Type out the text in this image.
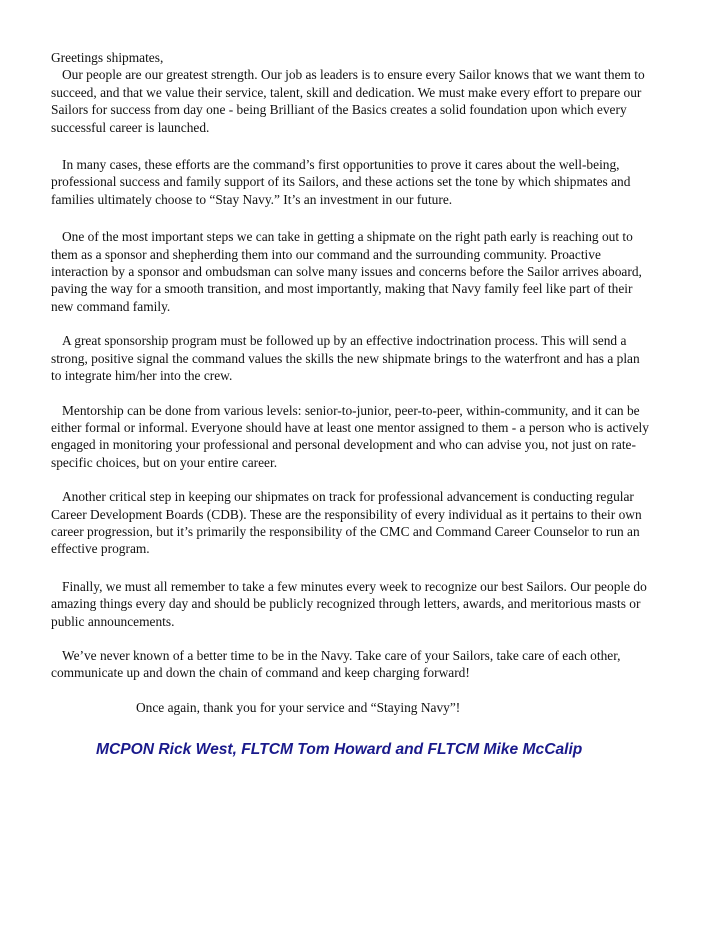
Greetings shipmates,

Our people are our greatest strength. Our job as leaders is to ensure every Sailor knows that we want them to succeed, and that we value their service, talent, skill and dedication. We must make every effort to prepare our Sailors for success from day one - being Brilliant of the Basics creates a solid foundation upon which every successful career is launched.

In many cases, these efforts are the command’s first opportunities to prove it cares about the well-being, professional success and family support of its Sailors, and these actions set the tone by which shipmates and families ultimately choose to “Stay Navy.” It’s an investment in our future.

One of the most important steps we can take in getting a shipmate on the right path early is reaching out to them as a sponsor and shepherding them into our command and the surrounding community. Proactive interaction by a sponsor and ombudsman can solve many issues and concerns before the Sailor arrives aboard, paving the way for a smooth transition, and most importantly, making that Navy family feel like part of their new command family.

A great sponsorship program must be followed up by an effective indoctrination process. This will send a strong, positive signal the command values the skills the new shipmate brings to the waterfront and has a plan to integrate him/her into the crew.

Mentorship can be done from various levels: senior-to-junior, peer-to-peer, within-community, and it can be either formal or informal. Everyone should have at least one mentor assigned to them - a person who is actively engaged in monitoring your professional and personal development and who can advise you, not just on rate-specific choices, but on your entire career.

Another critical step in keeping our shipmates on track for professional advancement is conducting regular Career Development Boards (CDB). These are the responsibility of every individual as it pertains to their own career progression, but it’s primarily the responsibility of the CMC and Command Career Counselor to run an effective program.

Finally, we must all remember to take a few minutes every week to recognize our best Sailors. Our people do amazing things every day and should be publicly recognized through letters, awards, and meritorious masts or public announcements.

We’ve never known of a better time to be in the Navy. Take care of your Sailors, take care of each other, communicate up and down the chain of command and keep charging forward!

Once again, thank you for your service and “Staying Navy”!

MCPON Rick West, FLTCM Tom Howard and FLTCM Mike McCalip
